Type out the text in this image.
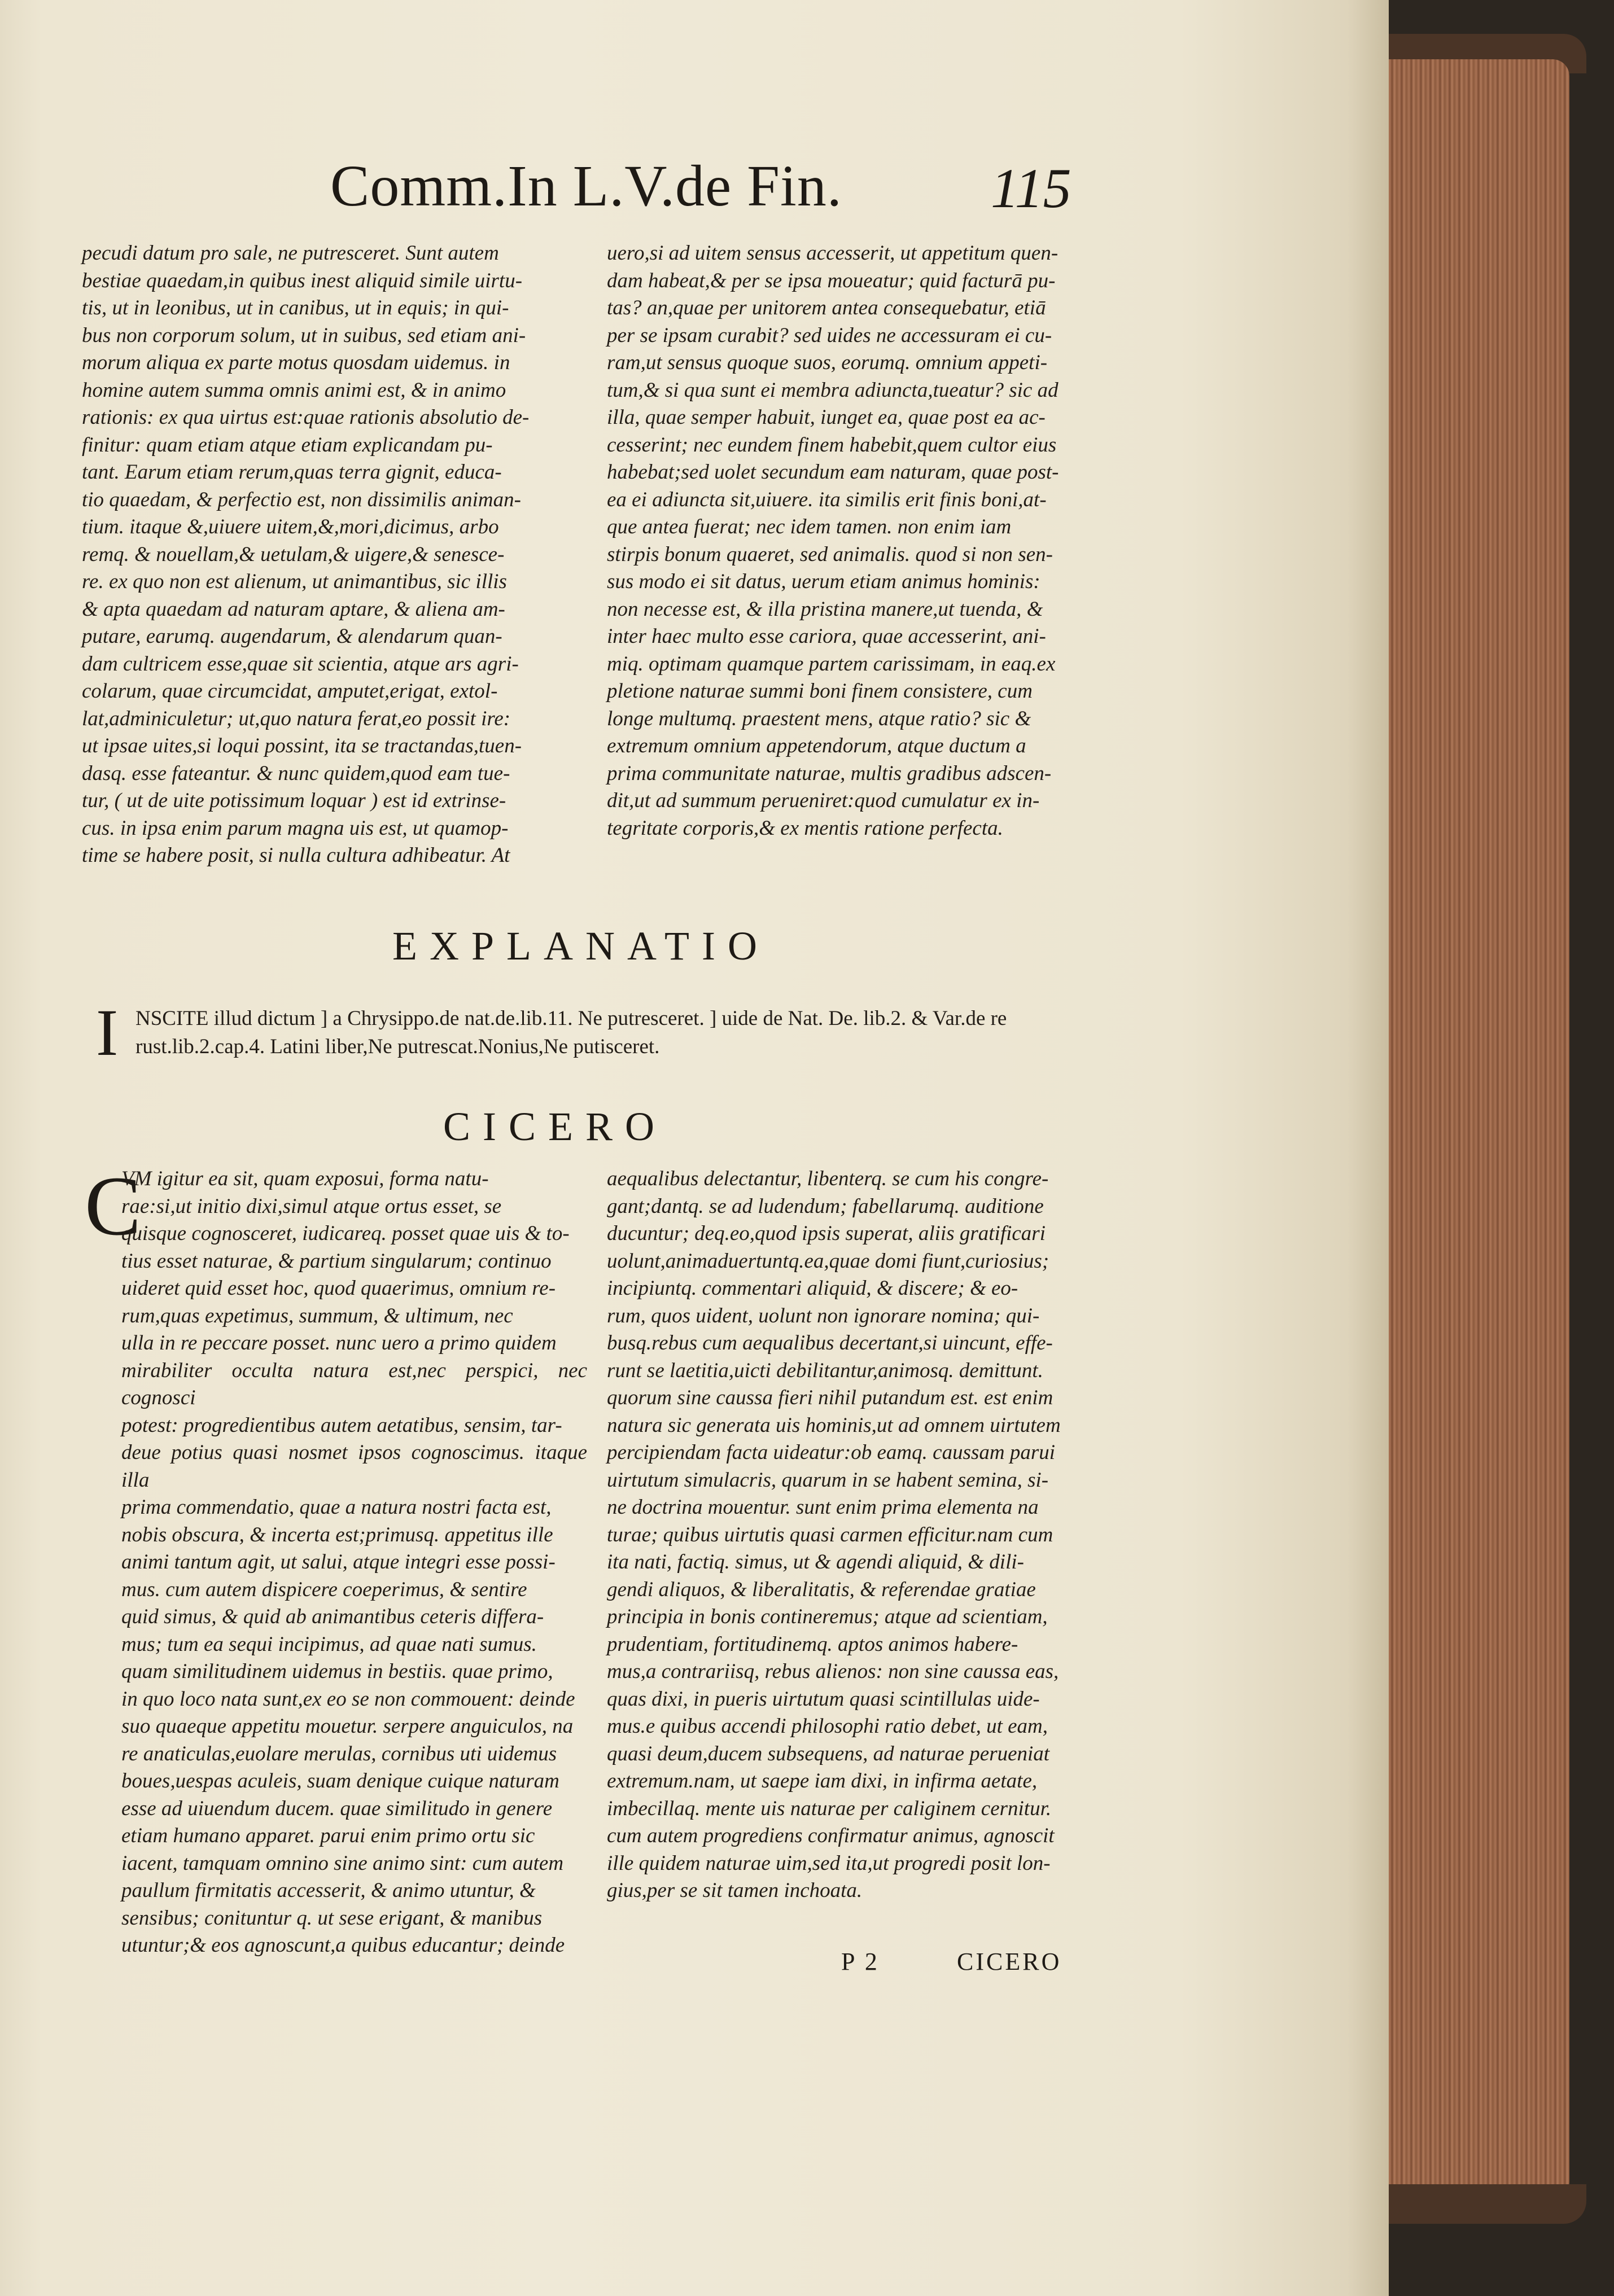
Comm.In L.V.de Fin.	115
pecudi datum pro sale, ne putresceret. Sunt autem
bestiae quaedam,in quibus inest aliquid simile uirtu-
tis, ut in leonibus, ut in canibus, ut in equis; in qui-
bus non corporum solum, ut in suibus, sed etiam ani-
morum aliqua ex parte motus quosdam uidemus. in
homine autem summa omnis animi est, & in animo
rationis: ex qua uirtus est:quae rationis absolutio de-
finitur: quam etiam atque etiam explicandam pu-
tant. Earum etiam rerum,quas terra gignit, educa-
tio quaedam, & perfectio est, non dissimilis animan-
tium. itaque &,uiuere uitem,&,mori,dicimus, arbo
remq. & nouellam,& uetulam,& uigere,& senesce-
re. ex quo non est alienum, ut animantibus, sic illis
& apta quaedam ad naturam aptare, & aliena am-
putare, earumq. augendarum, & alendarum quan-
dam cultricem esse,quae sit scientia, atque ars agri-
colarum, quae circumcidat, amputet,erigat, extol-
lat,adminiculetur; ut,quo natura ferat,eo possit ire:
ut ipsae uites,si loqui possint, ita se tractandas,tuen-
dasq. esse fateantur. & nunc quidem,quod eam tue-
tur, ( ut de uite potissimum loquar ) est id extrinse-
cus. in ipsa enim parum magna uis est, ut quamop-
time se habere posit, si nulla cultura adhibeatur. At
uero,si ad uitem sensus accesserit, ut appetitum quen-
dam habeat,& per se ipsa moueatur; quid facturā pu-
tas? an,quae per unitorem antea consequebatur, etiā
per se ipsam curabit? sed uides ne accessuram ei cu-
ram,ut sensus quoque suos, eorumq. omnium appeti-
tum,& si qua sunt ei membra adiuncta,tueatur? sic ad
illa, quae semper habuit, iunget ea, quae post ea ac-
cesserint; nec eundem finem habebit,quem cultor eius
habebat;sed uolet secundum eam naturam, quae post-
ea ei adiuncta sit,uiuere. ita similis erit finis boni,at-
que antea fuerat; nec idem tamen. non enim iam
stirpis bonum quaeret, sed animalis. quod si non sen-
sus modo ei sit datus, uerum etiam animus hominis:
non necesse est, & illa pristina manere,ut tuenda, &
inter haec multo esse cariora, quae accesserint, ani-
miq. optimam quamque partem carissimam, in eaq.ex
pletione naturae summi boni finem consistere, cum
longe multumq. praestent mens, atque ratio? sic &
extremum omnium appetendorum, atque ductum a
prima communitate naturae, multis gradibus adscen-
dit,ut ad summum perueniret:quod cumulatur ex in-
tegritate corporis,& ex mentis ratione perfecta.
EXPLANATIO
I NSCITE illud dictum ] a Chrysippo.de nat.de.lib.11. Ne putresceret. ] uide de Nat. De. lib.2. & Var.de re rust.lib.2.cap.4. Latini liber,Ne putrescat.Nonius,Ne putisceret.
CICERO
C
VM igitur ea sit, quam exposui, forma natu-
rae:si,ut initio dixi,simul atque ortus esset, se
quisque cognosceret, iudicareq. posset quae uis & to-
tius esset naturae, & partium singularum; continuo
uideret quid esset hoc, quod quaerimus, omnium re-
rum,quas expetimus, summum, & ultimum, nec
ulla in re peccare posset. nunc uero a primo quidem
mirabiliter occulta natura est,nec perspici, nec cognosci
potest: progredientibus autem aetatibus, sensim, tar-
deue potius quasi nosmet ipsos cognoscimus. itaque illa
prima commendatio, quae a natura nostri facta est,
nobis obscura, & incerta est;primusq. appetitus ille
animi tantum agit, ut salui, atque integri esse possi-
mus. cum autem dispicere coeperimus, & sentire
quid simus, & quid ab animantibus ceteris differa-
mus; tum ea sequi incipimus, ad quae nati sumus.
quam similitudinem uidemus in bestiis. quae primo,
in quo loco nata sunt,ex eo se non commouent: deinde
suo quaeque appetitu mouetur. serpere anguiculos, na
re anaticulas,euolare merulas, cornibus uti uidemus
boues,uespas aculeis, suam denique cuique naturam
esse ad uiuendum ducem. quae similitudo in genere
etiam humano apparet. parui enim primo ortu sic
iacent, tamquam omnino sine animo sint: cum autem
paullum firmitatis accesserit, & animo utuntur, &
sensibus; conituntur q. ut sese erigant, & manibus
utuntur;& eos agnoscunt,a quibus educantur; deinde
aequalibus delectantur, libenterq. se cum his congre-
gant;dantq. se ad ludendum; fabellarumq. auditione
ducuntur; deq.eo,quod ipsis superat, aliis gratificari
uolunt,animaduertuntq.ea,quae domi fiunt,curiosius;
incipiuntq. commentari aliquid, & discere; & eo-
rum, quos uident, uolunt non ignorare nomina; qui-
busq.rebus cum aequalibus decertant,si uincunt, effe-
runt se laetitia,uicti debilitantur,animosq. demittunt.
quorum sine caussa fieri nihil putandum est. est enim
natura sic generata uis hominis,ut ad omnem uirtutem
percipiendam facta uideatur:ob eamq. caussam parui
uirtutum simulacris, quarum in se habent semina, si-
ne doctrina mouentur. sunt enim prima elementa na
turae; quibus uirtutis quasi carmen efficitur.nam cum
ita nati, factiq. simus, ut & agendi aliquid, & dili-
gendi aliquos, & liberalitatis, & referendae gratiae
principia in bonis contineremus; atque ad scientiam,
prudentiam, fortitudinemq. aptos animos habere-
mus,a contrariisq, rebus alienos: non sine caussa eas,
quas dixi, in pueris uirtutum quasi scintillulas uide-
mus.e quibus accendi philosophi ratio debet, ut eam,
quasi deum,ducem subsequens, ad naturae perueniat
extremum.nam, ut saepe iam dixi, in infirma aetate,
imbecillaq. mente uis naturae per caliginem cernitur.
cum autem progrediens confirmatur animus, agnoscit
ille quidem naturae uim,sed ita,ut progredi posit lon-
gius,per se sit tamen inchoata.
P 2	CICERO
